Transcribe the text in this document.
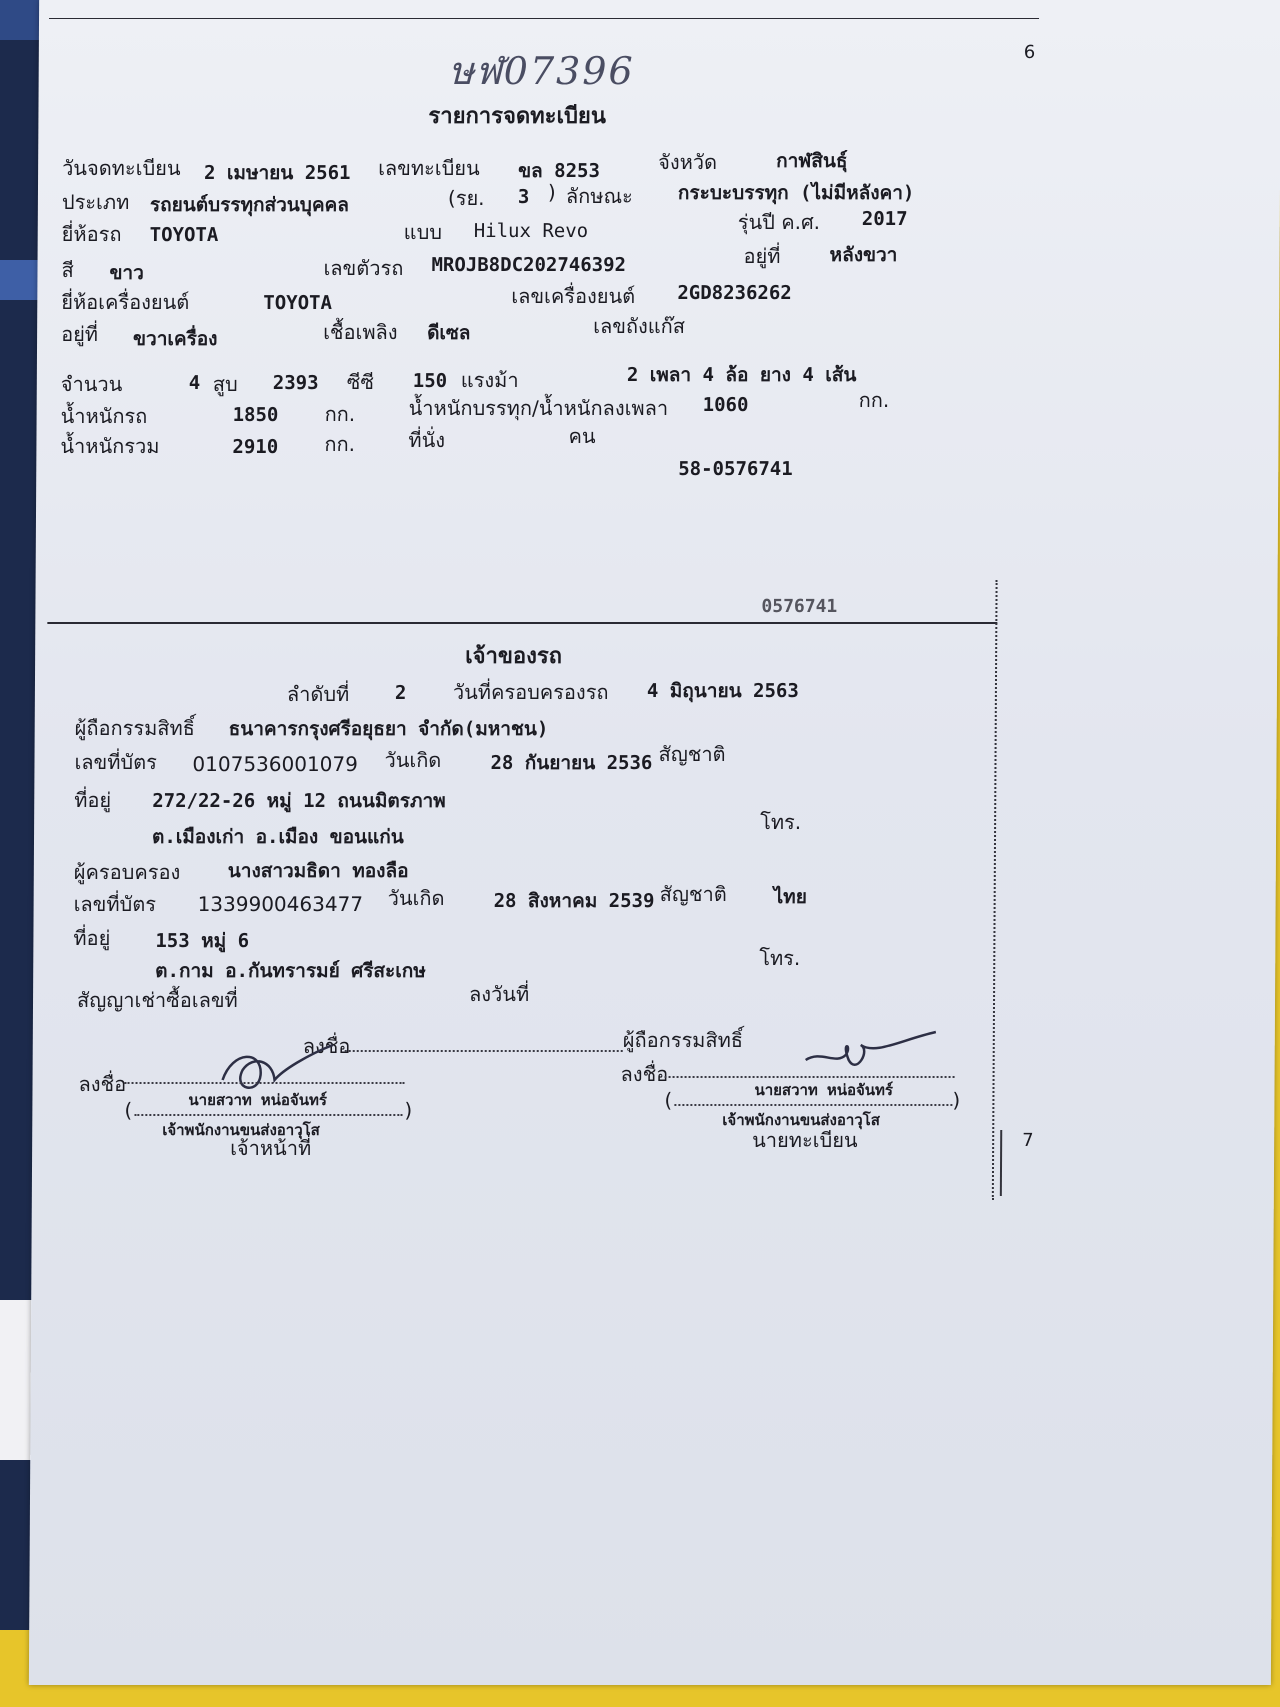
6
ษฬ07396
รายการจดทะเบียน
วันจดทะเบียน 2 เมษายน 2561 เลขทะเบียน ขล 8253	จังหวัด	กาฬสินธุ์
ประเภท รถยนต์บรรทุกส่วนบุคคล	(รย. 3 ) ลักษณะ กระบะบรรทุก (ไม่มีหลังคา)
ยี่ห้อรถ TOYOTA	แบบ Hilux Revo	รุ่นปี ค.ศ. 2017
สี ขาว	เลขตัวรถ MROJB8DC202746392	อยู่ที่	หลังขวา
ยี่ห้อเครื่องยนต์	TOYOTA	เลขเครื่องยนต์ 2GD8236262
อยู่ที่ ขวาเครื่อง	เชื้อเพลิง ดีเซล	เลขถังแก๊ส
จำนวน	4 สูบ 2393 ซีซี 150 แรงม้า	2 เพลา 4 ล้อ ยาง 4 เส้น
น้ำหนักรถ	1850 กก.	น้ำหนักบรรทุก/น้ำหนักลงเพลา 1060	กก.
น้ำหนักรวม	2910 กก.	ที่นั่ง	คน
58-0576741
0576741
เจ้าของรถ
ลำดับที่ 2 วันที่ครอบครองรถ 4 มิถุนายน 2563
ผู้ถือกรรมสิทธิ์ ธนาคารกรุงศรีอยุธยา จำกัด(มหาชน)
เลขที่บัตร 0107536001079 วันเกิด	28 กันยายน 2536 สัญชาติ
ที่อยู่ 272/22-26 หมู่ 12 ถนนมิตรภาพ
ต.เมืองเก่า อ.เมือง ขอนแก่น
โทร.
ผู้ครอบครอง นางสาวมธิดา ทองลือ
เลขที่บัตร 1339900463477 วันเกิด	28 สิงหาคม 2539 สัญชาติ ไทย
ที่อยู่ 153 หมู่ 6
ต.กาม อ.กันทรารมย์ ศรีสะเกษ
โทร.
สัญญาเช่าซื้อเลขที่	ลงวันที่
ลงชื่อ	ผู้ถือกรรมสิทธิ์
ลงชื่อ
นายสวาท หน่อจันทร์
(	)
เจ้าพนักงานขนส่งอาวุโส
เจ้าหน้าที่
ลงชื่อ
นายสวาท หน่อจันทร์
(	)
เจ้าพนักงานขนส่งอาวุโส
นายทะเบียน	7
